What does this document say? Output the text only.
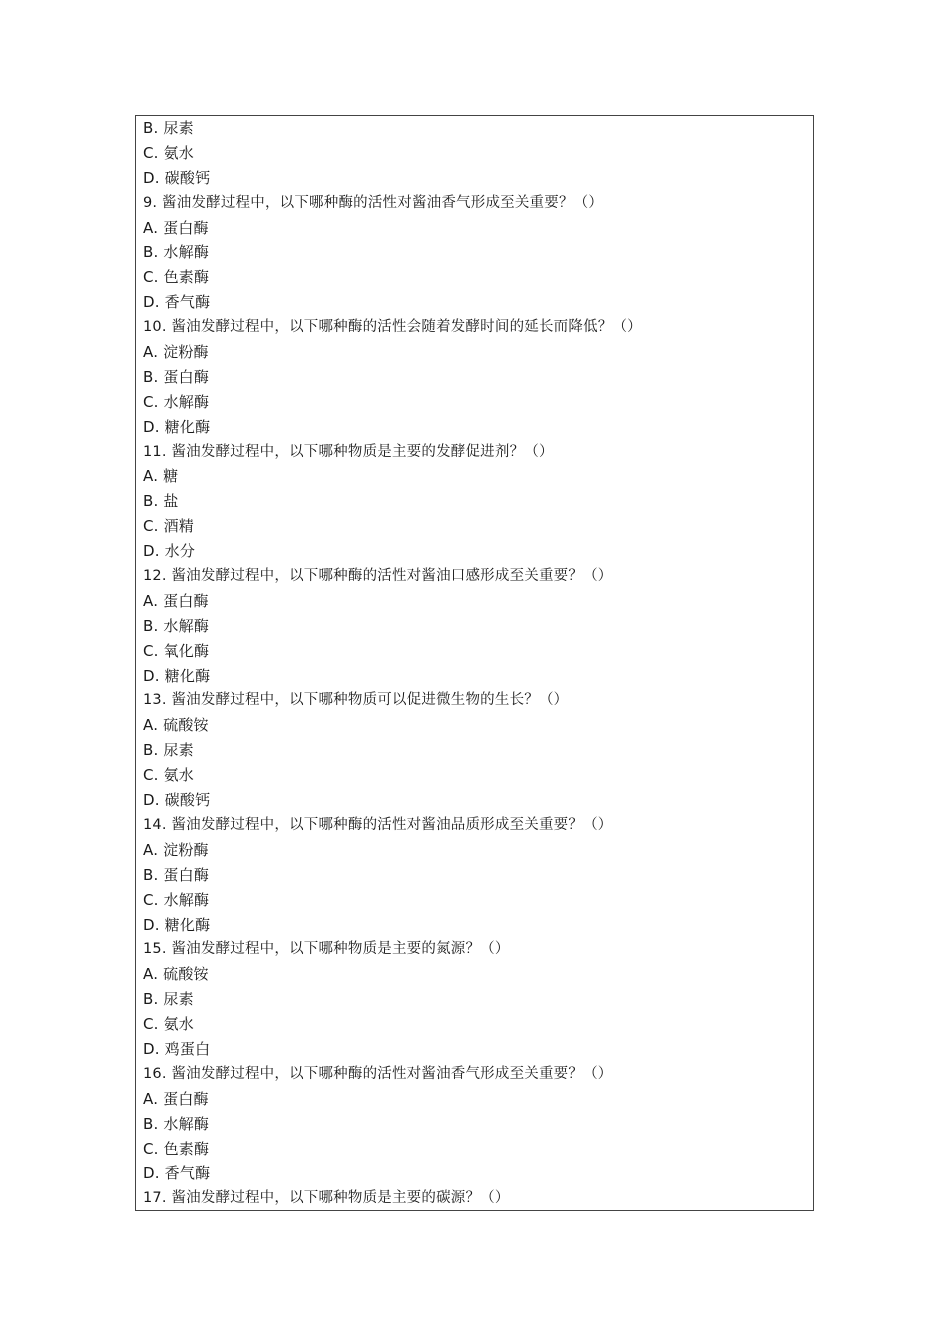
B. 尿素
C. 氨水
D. 碳酸钙
9. 酱油发酵过程中，以下哪种酶的活性对酱油香气形成至关重要？（）
A. 蛋白酶
B. 水解酶
C. 色素酶
D. 香气酶
10. 酱油发酵过程中，以下哪种酶的活性会随着发酵时间的延长而降低？（）
A. 淀粉酶
B. 蛋白酶
C. 水解酶
D. 糖化酶
11. 酱油发酵过程中，以下哪种物质是主要的发酵促进剂？（）
A. 糖
B. 盐
C. 酒精
D. 水分
12. 酱油发酵过程中，以下哪种酶的活性对酱油口感形成至关重要？（）
A. 蛋白酶
B. 水解酶
C. 氧化酶
D. 糖化酶
13. 酱油发酵过程中，以下哪种物质可以促进微生物的生长？（）
A. 硫酸铵
B. 尿素
C. 氨水
D. 碳酸钙
14. 酱油发酵过程中，以下哪种酶的活性对酱油品质形成至关重要？（）
A. 淀粉酶
B. 蛋白酶
C. 水解酶
D. 糖化酶
15. 酱油发酵过程中，以下哪种物质是主要的氮源？（）
A. 硫酸铵
B. 尿素
C. 氨水
D. 鸡蛋白
16. 酱油发酵过程中，以下哪种酶的活性对酱油香气形成至关重要？（）
A. 蛋白酶
B. 水解酶
C. 色素酶
D. 香气酶
17. 酱油发酵过程中，以下哪种物质是主要的碳源？（）
